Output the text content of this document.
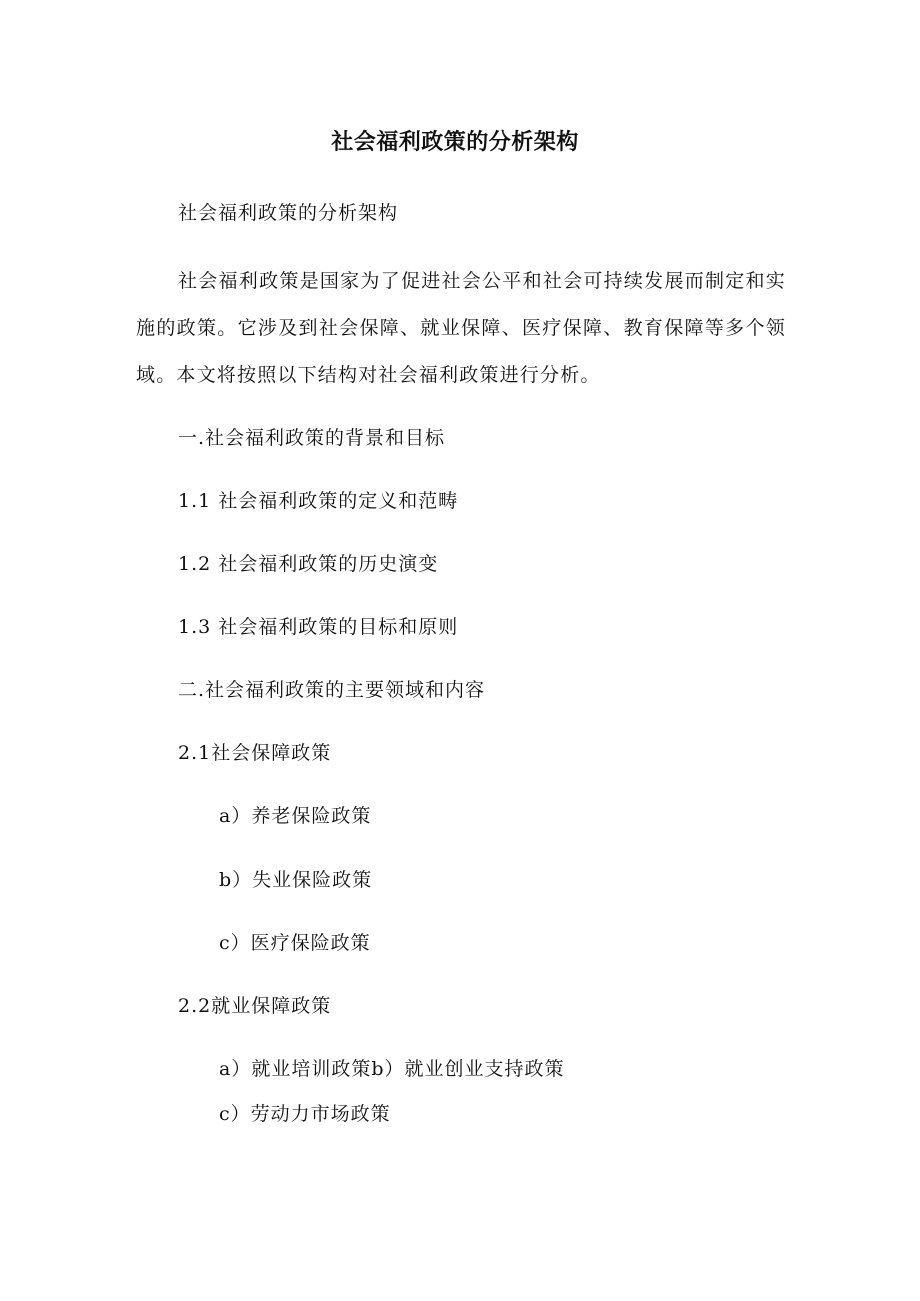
社会福利政策的分析架构
社会福利政策的分析架构
社会福利政策是国家为了促进社会公平和社会可持续发展而制定和实施的政策。它涉及到社会保障、就业保障、医疗保障、教育保障等多个领域。本文将按照以下结构对社会福利政策进行分析。
一.社会福利政策的背景和目标
1.1 社会福利政策的定义和范畴
1.2 社会福利政策的历史演变
1.3 社会福利政策的目标和原则
二.社会福利政策的主要领域和内容
2.1社会保障政策
a）养老保险政策
b）失业保险政策
c）医疗保险政策
2.2就业保障政策
a）就业培训政策b）就业创业支持政策
c）劳动力市场政策
